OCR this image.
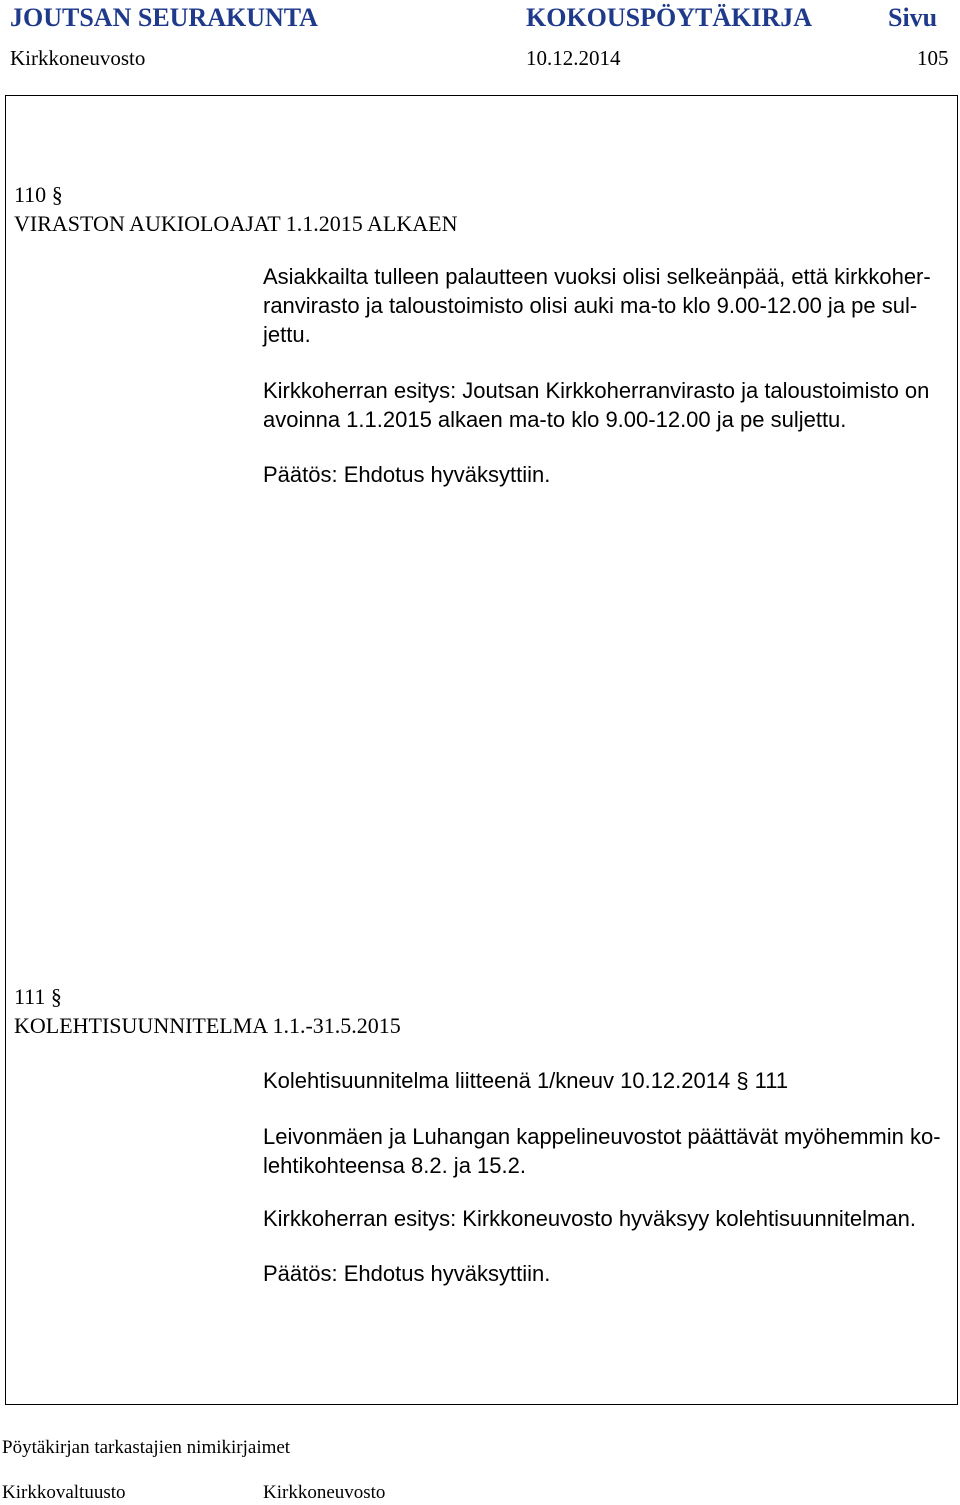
JOUTSAN SEURAKUNTA	KOKOUSPÖYTÄKIRJA	Sivu
Kirkkoneuvosto	10.12.2014	105
110 §
VIRASTON AUKIOLOAJAT 1.1.2015 ALKAEN
Asiakkailta tulleen palautteen vuoksi olisi selkeänpää, että kirkkoher-
ranvirasto ja taloustoimisto olisi auki ma-to klo 9.00-12.00 ja pe sul-
jettu.
Kirkkoherran esitys: Joutsan Kirkkoherranvirasto ja taloustoimisto on
avoinna 1.1.2015 alkaen ma-to klo 9.00-12.00 ja pe suljettu.
Päätös: Ehdotus hyväksyttiin.
111 §
KOLEHTISUUNNITELMA 1.1.-31.5.2015
Kolehtisuunnitelma liitteenä 1/kneuv 10.12.2014 § 111
Leivonmäen ja Luhangan kappelineuvostot päättävät myöhemmin ko-
lehtikohteensa 8.2. ja 15.2.
Kirkkoherran esitys: Kirkkoneuvosto hyväksyy kolehtisuunnitelman.
Päätös: Ehdotus hyväksyttiin.
Pöytäkirjan tarkastajien nimikirjaimet
Kirkkovaltuusto	Kirkkoneuvosto
